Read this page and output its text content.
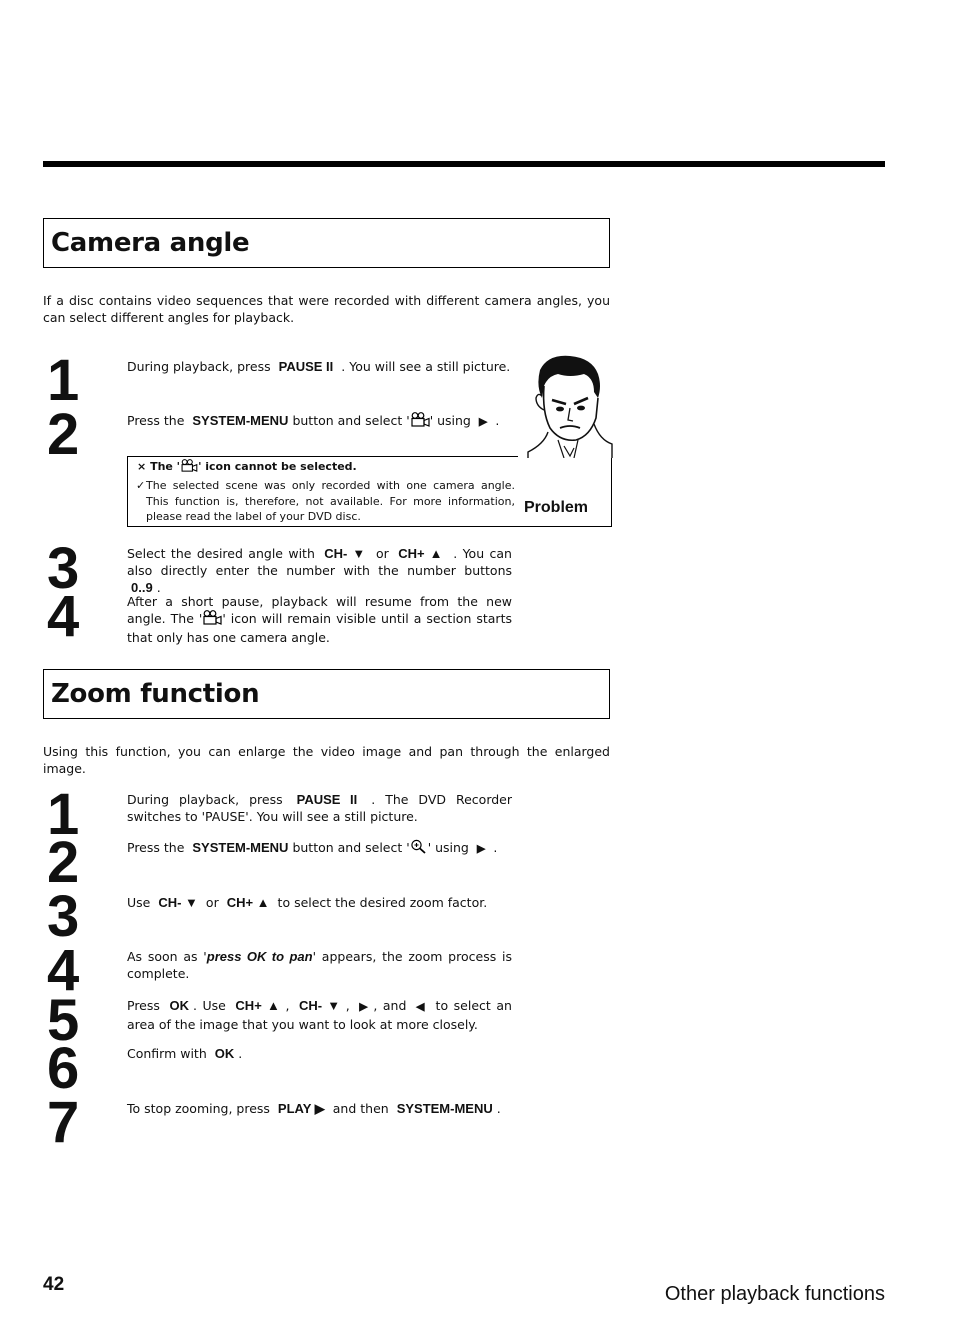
Camera angle
If a disc contains video sequences that were recorded with different camera angles, you can select different angles for playback.
1
2
3
4
During playback, press PAUSE II . You will see a still picture.
Press the SYSTEM-MENU button and select ' ' using ▶ .
× The ' ' icon cannot be selected.
✓ The selected scene was only recorded with one camera angle. This function is, therefore, not available. For more information, please read the label of your DVD disc.
Problem
Select the desired angle with CH- ▼ or CH+ ▲ . You can also directly enter the number with the number buttons 0..9 .
After a short pause, playback will resume from the new angle. The ' ' icon will remain visible until a section starts that only has one camera angle.
Zoom function
Using this function, you can enlarge the video image and pan through the enlarged image.
1
2
3
4
5
6
7
During playback, press PAUSE II . The DVD Recorder switches to 'PAUSE'. You will see a still picture.
Press the SYSTEM-MENU button and select ' ' using ▶ .
Use CH- ▼ or CH+ ▲ to select the desired zoom factor.
As soon as 'press OK to pan' appears, the zoom process is complete.
Press OK . Use CH+ ▲ , CH- ▼ , ▶ , and ◀ to select an area of the image that you want to look at more closely.
Confirm with OK .
To stop zooming, press PLAY ▶ and then SYSTEM-MENU .
42	Other playback functions
